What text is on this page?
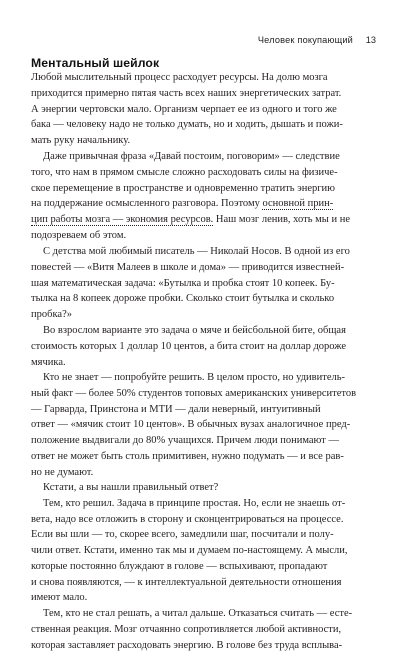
Человек покупающий 13
Ментальный шейлок
Любой мыслительный процесс расходует ресурсы. На долю мозга
приходится примерно пятая часть всех наших энергетических затрат.
А энергии чертовски мало. Организм черпает ее из одного и того же
бака — человеку надо не только думать, но и ходить, дышать и пожи-
мать руку начальнику.
Даже привычная фраза «Давай постоим, поговорим» — следствие
того, что нам в прямом смысле сложно расходовать силы на физиче-
ское перемещение в пространстве и одновременно тратить энергию
на поддержание осмысленного разговора. Поэтому основной прин-
цип работы мозга — экономия ресурсов. Наш мозг ленив, хоть мы и не
подозреваем об этом.
С детства мой любимый писатель — Николай Носов. В одной из его
повестей — «Витя Малеев в школе и дома» — приводится известней-
шая математическая задача: «Бутылка и пробка стоят 10 копеек. Бу-
тылка на 8 копеек дороже пробки. Сколько стоит бутылка и сколько
пробка?»
Во взрослом варианте это задача о мяче и бейсбольной бите, общая
стоимость которых 1 доллар 10 центов, а бита стоит на доллар дороже
мячика.
Кто не знает — попробуйте решить. В целом просто, но удивитель-
ный факт — более 50% студентов топовых американских университетов
— Гарварда, Принстона и МТИ — дали неверный, интуитивный
ответ — «мячик стоит 10 центов». В обычных вузах аналогичное пред-
положение выдвигали до 80% учащихся. Причем люди понимают —
ответ не может быть столь примитивен, нужно подумать — и все рав-
но не думают.
Кстати, а вы нашли правильный ответ?
Тем, кто решил. Задача в принципе простая. Но, если не знаешь от-
вета, надо все отложить в сторону и сконцентрироваться на процессе.
Если вы шли — то, скорее всего, замедлили шаг, посчитали и полу-
чили ответ. Кстати, именно так мы и думаем по-настоящему. А мысли,
которые постоянно блуждают в голове — вспыхивают, пропадают
и снова появляются, — к интеллектуальной деятельности отношения
имеют мало.
Тем, кто не стал решать, а читал дальше. Отказаться считать — есте-
ственная реакция. Мозг отчаянно сопротивляется любой активности,
которая заставляет расходовать энергию. В голове без труда всплыва-
